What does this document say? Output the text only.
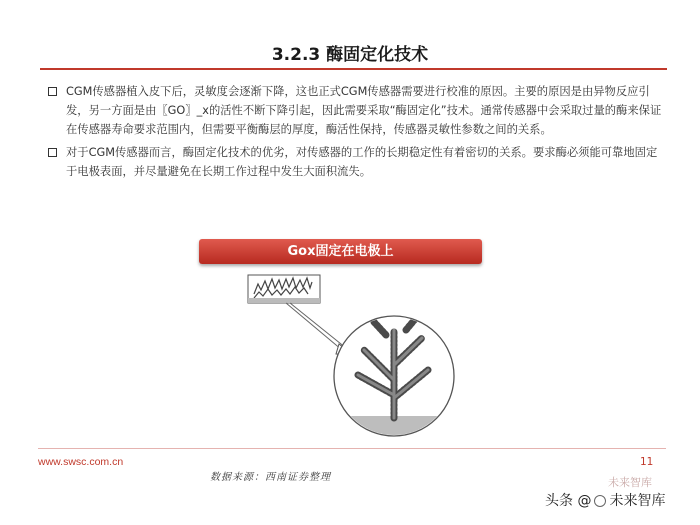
3.2.3 酶固定化技术
CGM传感器植入皮下后，灵敏度会逐渐下降，这也正式CGM传感器需要进行校准的原因。主要的原因是由异物反应引发，另一方面是由〖GO〗_x的活性不断下降引起，因此需要采取“酶固定化”技术。通常传感器中会采取过量的酶来保证在传感器寿命要求范围内，但需要平衡酶层的厚度，酶活性保持，传感器灵敏性参数之间的关系。
对于CGM传感器而言，酶固定化技术的优劣，对传感器的工作的长期稳定性有着密切的关系。要求酶必须能可靠地固定于电极表面，并尽量避免在长期工作过程中发生大面积流失。
Gox固定在电极上
数据来源：西南证券整理
www.swsc.com.cn	11
未来智库
头条 @ 未来智库
